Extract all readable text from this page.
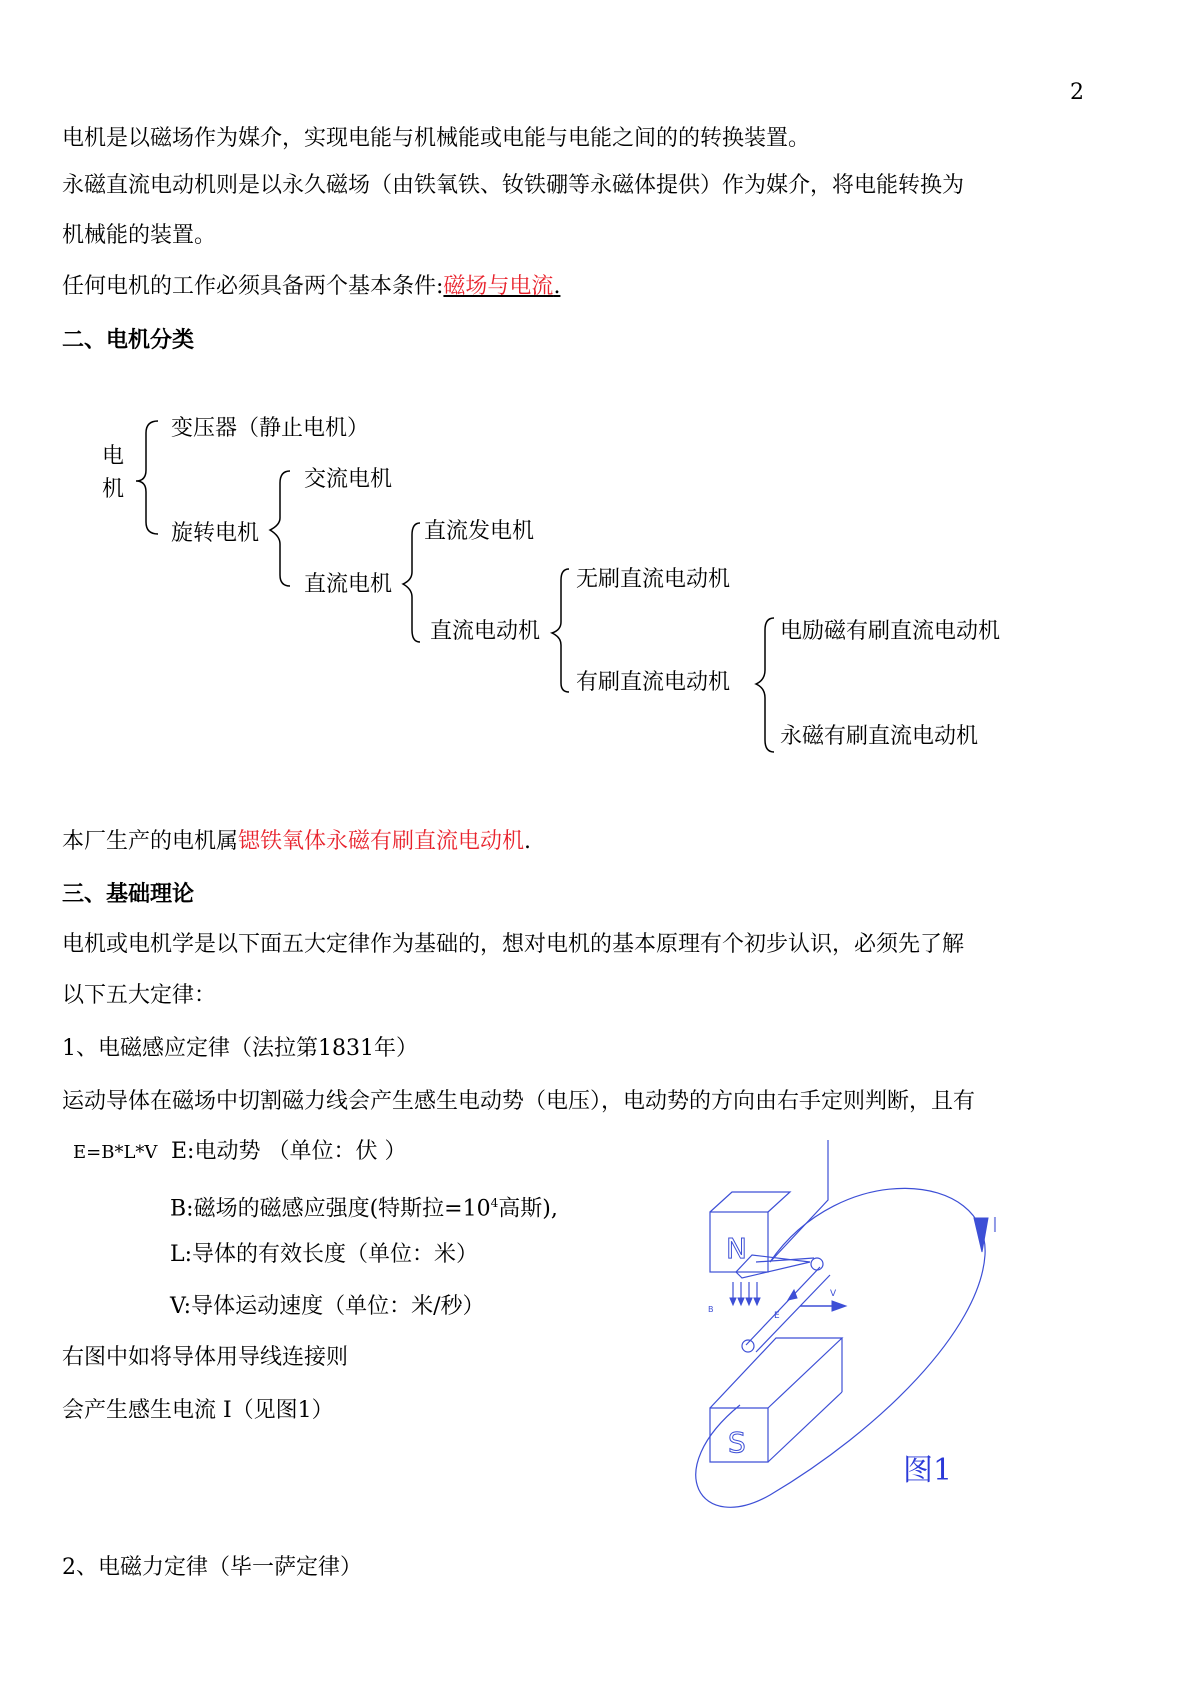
2
电机是以磁场作为媒介，实现电能与机械能或电能与电能之间的的转换装置。
永磁直流电动机则是以永久磁场（由铁氧铁、钕铁硼等永磁体提供）作为媒介，将电能转换为
机械能的装置。
任何电机的工作必须具备两个基本条件:磁场与电流.
二、电机分类
电
机
变压器（静止电机）
旋转电机
交流电机
直流电机
直流发电机
直流电动机
无刷直流电动机
有刷直流电动机
电励磁有刷直流电动机
永磁有刷直流电动机
本厂生产的电机属锶铁氧体永磁有刷直流电动机.
三、基础理论
电机或电机学是以下面五大定律作为基础的，想对电机的基本原理有个初步认识，必须先了解
以下五大定律：
1、电磁感应定律（法拉第1831年）
运动导体在磁场中切割磁力线会产生感生电动势（电压），电动势的方向由右手定则判断，且有
E=B*L*V E:电动势 （单位：伏 ）
B:磁场的磁感应强度(特斯拉$=10^4$高斯),
L:导体的有效长度（单位：米）
V:导体运动速度（单位：米/秒）
右图中如将导体用导线连接则
会产生感生电流 I（见图1）
N
S
I
B
E
V
图1
2、电磁力定律（毕一萨定律）
